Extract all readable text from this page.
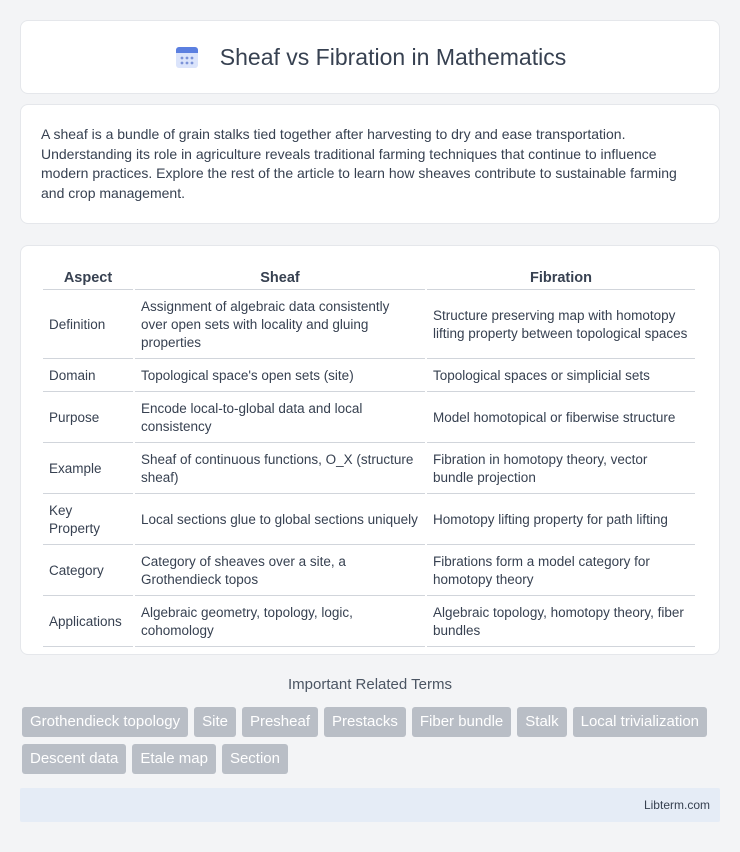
Sheaf vs Fibration in Mathematics

A sheaf is a bundle of grain stalks tied together after harvesting to dry and ease transportation. Understanding its role in agriculture reveals traditional farming techniques that continue to influence modern practices. Explore the rest of the article to learn how sheaves contribute to sustainable farming and crop management.

Aspect	Sheaf	Fibration
Definition	Assignment of algebraic data consistently over open sets with locality and gluing properties	Structure preserving map with homotopy lifting property between topological spaces
Domain	Topological space's open sets (site)	Topological spaces or simplicial sets
Purpose	Encode local-to-global data and local consistency	Model homotopical or fiberwise structure
Example	Sheaf of continuous functions, O_X (structure sheaf)	Fibration in homotopy theory, vector bundle projection
Key Property	Local sections glue to global sections uniquely	Homotopy lifting property for path lifting
Category	Category of sheaves over a site, a Grothendieck topos	Fibrations form a model category for homotopy theory
Applications	Algebraic geometry, topology, logic, cohomology	Algebraic topology, homotopy theory, fiber bundles
Important Related Terms
Grothendieck topology	Site	Presheaf	Prestacks	Fiber bundle	Stalk	Local trivialization
Descent data	Etale map	Section
Libterm.com
